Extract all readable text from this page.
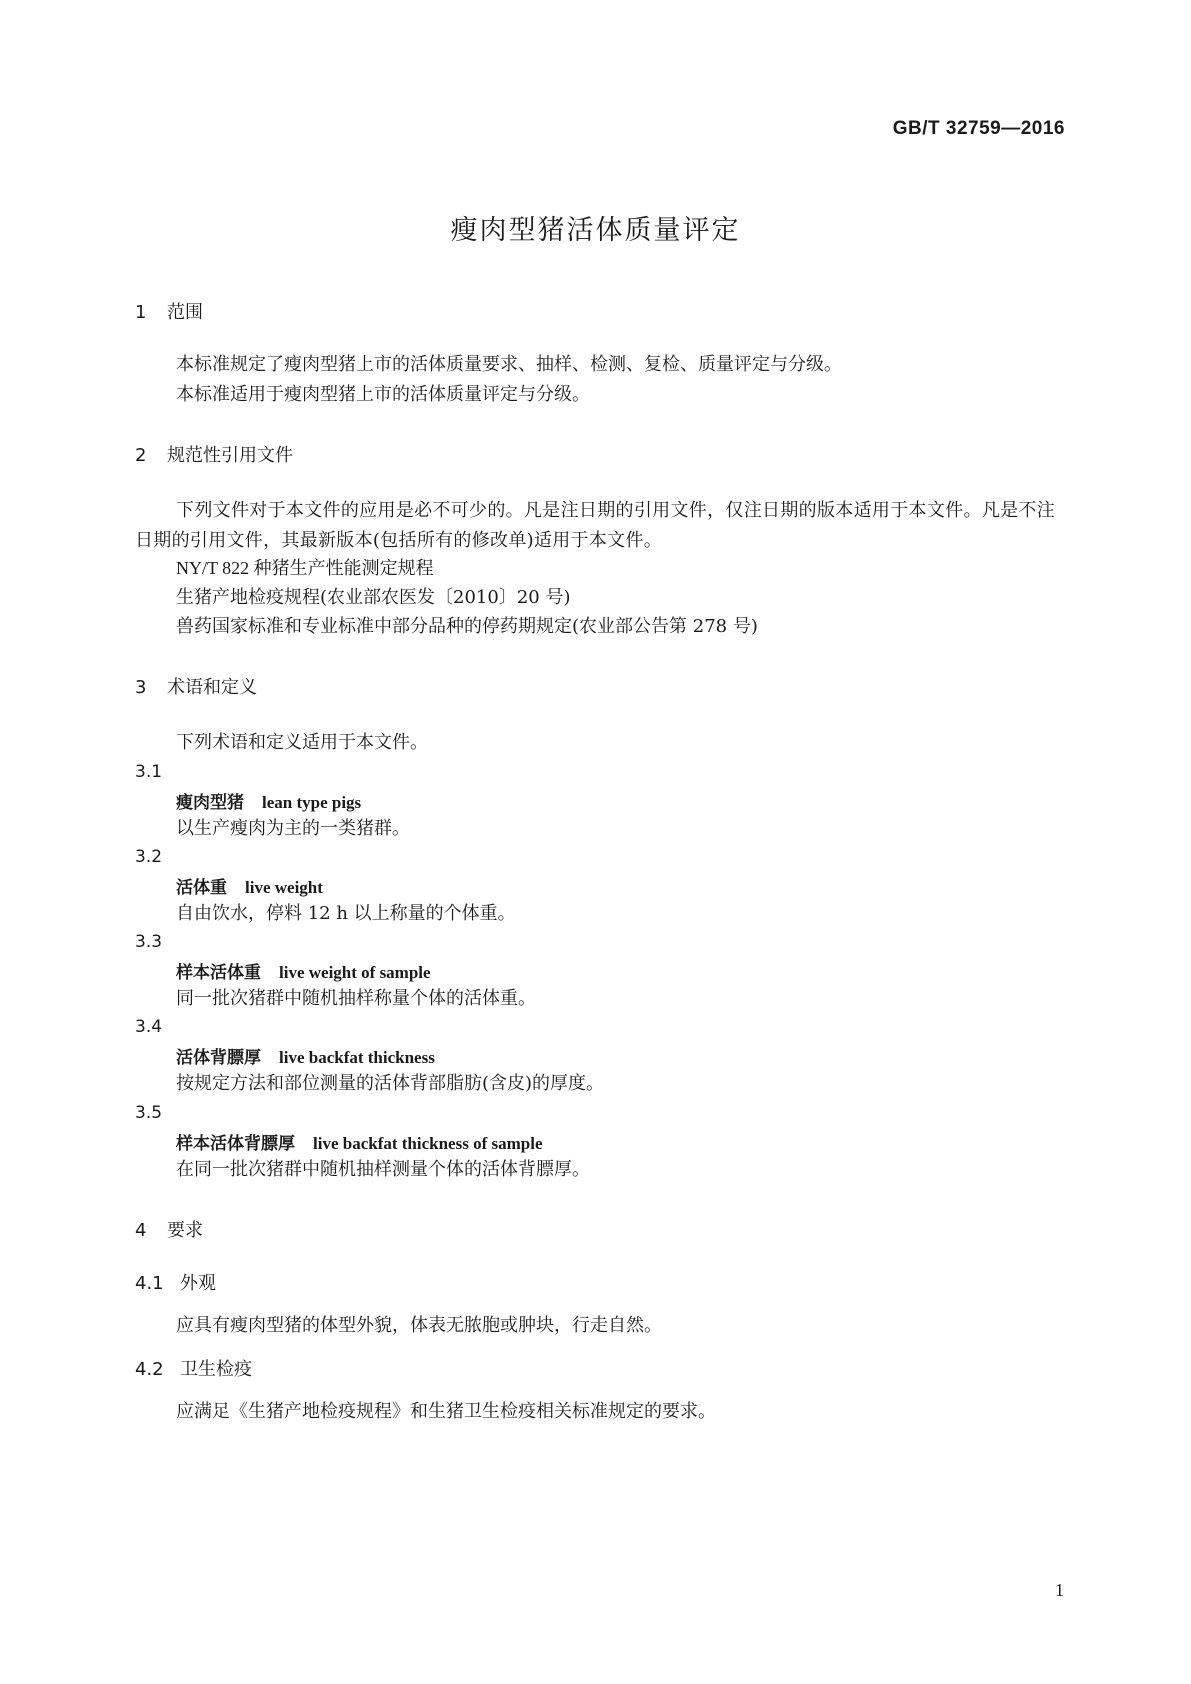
GB/T 32759—2016
瘦肉型猪活体质量评定
1 范围
本标准规定了瘦肉型猪上市的活体质量要求、抽样、检测、复检、质量评定与分级。
本标准适用于瘦肉型猪上市的活体质量评定与分级。
2 规范性引用文件
下列文件对于本文件的应用是必不可少的。凡是注日期的引用文件，仅注日期的版本适用于本文件。凡是不注日期的引用文件，其最新版本(包括所有的修改单)适用于本文件。
NY/T 822 种猪生产性能测定规程
生猪产地检疫规程(农业部农医发〔2010〕20 号)
兽药国家标准和专业标准中部分品种的停药期规定(农业部公告第 278 号)
3 术语和定义
下列术语和定义适用于本文件。
3.1
瘦肉型猪 lean type pigs
以生产瘦肉为主的一类猪群。
3.2
活体重 live weight
自由饮水，停料 12 h 以上称量的个体重。
3.3
样本活体重 live weight of sample
同一批次猪群中随机抽样称量个体的活体重。
3.4
活体背膘厚 live backfat thickness
按规定方法和部位测量的活体背部脂肪(含皮)的厚度。
3.5
样本活体背膘厚 live backfat thickness of sample
在同一批次猪群中随机抽样测量个体的活体背膘厚。
4 要求
4.1 外观
应具有瘦肉型猪的体型外貌，体表无脓胞或肿块，行走自然。
4.2 卫生检疫
应满足《生猪产地检疫规程》和生猪卫生检疫相关标准规定的要求。
1
